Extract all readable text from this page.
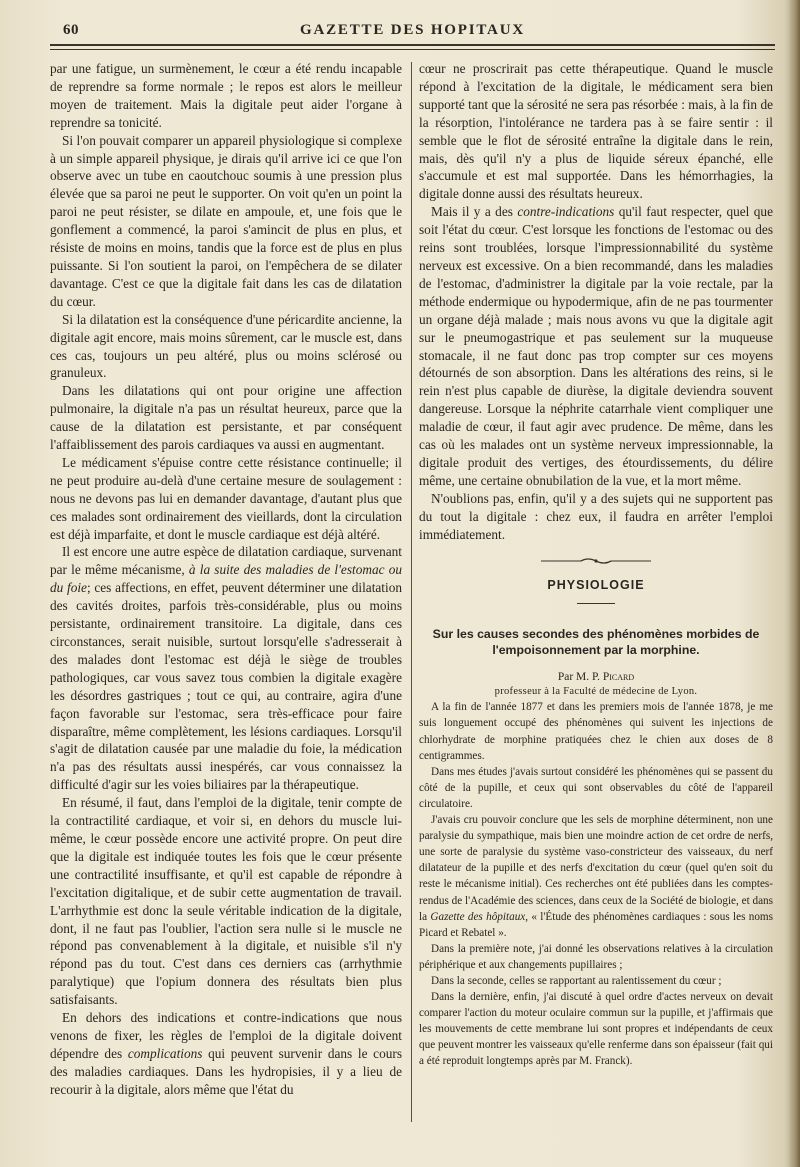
60	GAZETTE DES HOPITAUX

par une fatigue, un surmènement, le cœur a été rendu incapable de reprendre sa forme normale ; le repos est alors le meilleur moyen de traitement. Mais la digitale peut aider l'organe à reprendre sa tonicité.

Si l'on pouvait comparer un appareil physiologique si complexe à un simple appareil physique, je dirais qu'il arrive ici ce que l'on observe avec un tube en caoutchouc soumis à une pression plus élevée que sa paroi ne peut le supporter. On voit qu'en un point la paroi ne peut résister, se dilate en ampoule, et, une fois que le gonflement a commencé, la paroi s'amincit de plus en plus, et résiste de moins en moins, tandis que la force est de plus en plus puissante. Si l'on soutient la paroi, on l'empêchera de se dilater davantage. C'est ce que la digitale fait dans les cas de dilatation du cœur.

Si la dilatation est la conséquence d'une péricardite ancienne, la digitale agit encore, mais moins sûrement, car le muscle est, dans ces cas, toujours un peu altéré, plus ou moins sclérosé ou granuleux.

Dans les dilatations qui ont pour origine une affection pulmonaire, la digitale n'a pas un résultat heureux, parce que la cause de la dilatation est persistante, et par conséquent l'affaiblissement des parois cardiaques va aussi en augmentant.

Le médicament s'épuise contre cette résistance continuelle; il ne peut produire au-delà d'une certaine mesure de soulagement : nous ne devons pas lui en demander davantage, d'autant plus que ces malades sont ordinairement des vieillards, dont la circulation est déjà imparfaite, et dont le muscle cardiaque est déjà altéré.

Il est encore une autre espèce de dilatation cardiaque, survenant par le même mécanisme, à la suite des maladies de l'estomac ou du foie; ces affections, en effet, peuvent déterminer une dilatation des cavités droites, parfois très-considérable, plus ou moins persistante, ordinairement transitoire. La digitale, dans ces circonstances, serait nuisible, surtout lorsqu'elle s'adresserait à des malades dont l'estomac est déjà le siège de troubles pathologiques, car vous savez tous combien la digitale exagère les désordres gastriques ; tout ce qui, au contraire, agira d'une façon favorable sur l'estomac, sera très-efficace pour faire disparaître, même complètement, les lésions cardiaques. Lorsqu'il s'agit de dilatation causée par une maladie du foie, la médication n'a pas des résultats aussi inespérés, car vous connaissez la difficulté d'agir sur les voies biliaires par la thérapeutique.

En résumé, il faut, dans l'emploi de la digitale, tenir compte de la contractilité cardiaque, et voir si, en dehors du muscle lui-même, le cœur possède encore une activité propre. On peut dire que la digitale est indiquée toutes les fois que le cœur présente une contractilité insuffisante, et qu'il est capable de répondre à l'excitation digitalique, et de subir cette augmentation de travail. L'arrhythmie est donc la seule véritable indication de la digitale, dont, il ne faut pas l'oublier, l'action sera nulle si le muscle ne répond pas convenablement à la digitale, et nuisible s'il n'y répond pas du tout. C'est dans ces derniers cas (arrhythmie paralytique) que l'opium donnera des résultats bien plus satisfaisants.

En dehors des indications et contre-indications que nous venons de fixer, les règles de l'emploi de la digitale doivent dépendre des complications qui peuvent survenir dans le cours des maladies cardiaques. Dans les hydropisies, il y a lieu de recourir à la digitale, alors même que l'état du

cœur ne proscrirait pas cette thérapeutique. Quand le muscle répond à l'excitation de la digitale, le médicament sera bien supporté tant que la sérosité ne sera pas résorbée : mais, à la fin de la résorption, l'intolérance ne tardera pas à se faire sentir : il semble que le flot de sérosité entraîne la digitale dans le rein, mais, dès qu'il n'y a plus de liquide séreux épanché, elle s'accumule et est mal supportée. Dans les hémorrhagies, la digitale donne aussi des résultats heureux.

Mais il y a des contre-indications qu'il faut respecter, quel que soit l'état du cœur. C'est lorsque les fonctions de l'estomac ou des reins sont troublées, lorsque l'impressionnabilité du système nerveux est excessive. On a bien recommandé, dans les maladies de l'estomac, d'administrer la digitale par la voie rectale, par la méthode endermique ou hypodermique, afin de ne pas tourmenter un organe déjà malade ; mais nous avons vu que la digitale agit sur le pneumogastrique et pas seulement sur la muqueuse stomacale, il ne faut donc pas trop compter sur ces moyens détournés de son absorption. Dans les altérations des reins, si le rein n'est plus capable de diurèse, la digitale deviendra souvent dangereuse. Lorsque la néphrite catarrhale vient compliquer une maladie de cœur, il faut agir avec prudence. De même, dans les cas où les malades ont un système nerveux impressionnable, la digitale produit des vertiges, des étourdissements, du délire même, une certaine obnubilation de la vue, et la mort même.

N'oublions pas, enfin, qu'il y a des sujets qui ne supportent pas du tout la digitale : chez eux, il faudra en arrêter l'emploi immédiatement.

PHYSIOLOGIE
Sur les causes secondes des phénomènes morbides de l'empoisonnement par la morphine.

Par M. P. Picard

professeur à la Faculté de médecine de Lyon.

A la fin de l'année 1877 et dans les premiers mois de l'année 1878, je me suis longuement occupé des phénomènes qui suivent les injections de chlorhydrate de morphine pratiquées chez le chien aux doses de 8 centigrammes.

Dans mes études j'avais surtout considéré les phénomènes qui se passent du côté de la pupille, et ceux qui sont observables du côté de l'appareil circulatoire.

J'avais cru pouvoir conclure que les sels de morphine déterminent, non une paralysie du sympathique, mais bien une moindre action de cet ordre de nerfs, une sorte de paralysie du système vaso-constricteur des vaisseaux, du nerf dilatateur de la pupille et des nerfs d'excitation du cœur (quel qu'en soit du reste le mécanisme initial). Ces recherches ont été publiées dans les comptes-rendus de l'Académie des sciences, dans ceux de la Société de biologie, et dans la Gazette des hôpitaux, « l'Étude des phénomènes cardiaques : sous les noms Picard et Rebatel ».

Dans la première note, j'ai donné les observations relatives à la circulation périphérique et aux changements pupillaires ;

Dans la seconde, celles se rapportant au ralentissement du cœur ;

Dans la dernière, enfin, j'ai discuté à quel ordre d'actes nerveux on devait comparer l'action du moteur oculaire commun sur la pupille, et j'affirmais que les mouvements de cette membrane lui sont propres et indépendants de ceux que peuvent montrer les vaisseaux qu'elle renferme dans son épaisseur (fait qui a été reproduit longtemps après par M. Franck).
